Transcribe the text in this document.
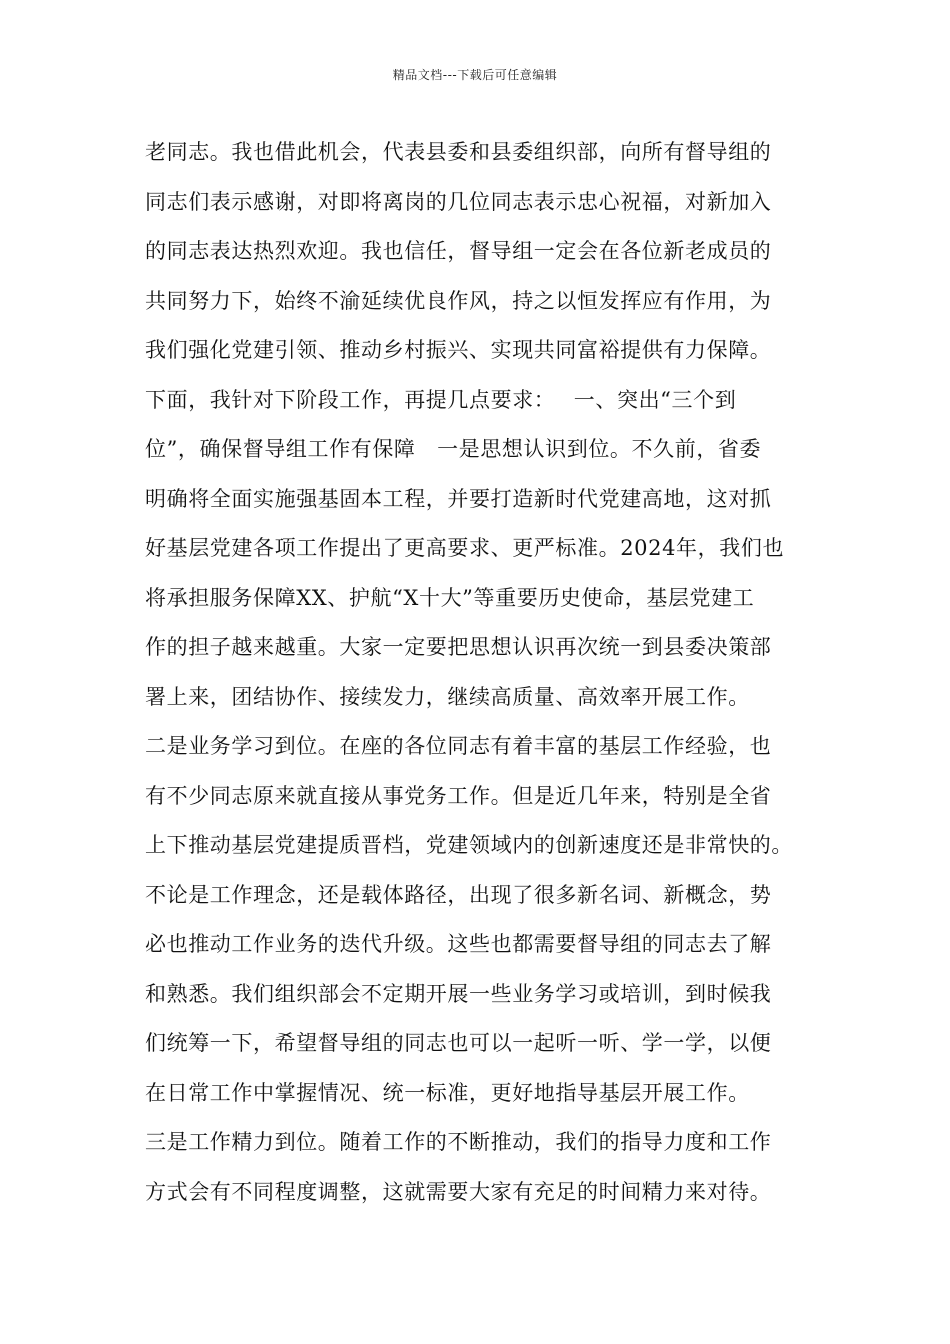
精品文档---下载后可任意编辑
老同志。我也借此机会，代表县委和县委组织部，向所有督导组的
同志们表示感谢，对即将离岗的几位同志表示忠心祝福，对新加入
的同志表达热烈欢迎。我也信任，督导组一定会在各位新老成员的
共同努力下，始终不渝延续优良作风，持之以恒发挥应有作用，为
我们强化党建引领、推动乡村振兴、实现共同富裕提供有力保障。
下面，我针对下阶段工作，再提几点要求：　 一、突出“三个到
位”，确保督导组工作有保障　一是思想认识到位。不久前，省委
明确将全面实施强基固本工程，并要打造新时代党建高地，这对抓
好基层党建各项工作提出了更高要求、更严标准。2024年，我们也
将承担服务保障XX、护航“X十大”等重要历史使命，基层党建工
作的担子越来越重。大家一定要把思想认识再次统一到县委决策部
署上来，团结协作、接续发力，继续高质量、高效率开展工作。
二是业务学习到位。在座的各位同志有着丰富的基层工作经验，也
有不少同志原来就直接从事党务工作。但是近几年来，特别是全省
上下推动基层党建提质晋档，党建领域内的创新速度还是非常快的。
不论是工作理念，还是载体路径，出现了很多新名词、新概念，势
必也推动工作业务的迭代升级。这些也都需要督导组的同志去了解
和熟悉。我们组织部会不定期开展一些业务学习或培训，到时候我
们统筹一下，希望督导组的同志也可以一起听一听、学一学，以便
在日常工作中掌握情况、统一标准，更好地指导基层开展工作。
三是工作精力到位。随着工作的不断推动，我们的指导力度和工作
方式会有不同程度调整，这就需要大家有充足的时间精力来对待。
